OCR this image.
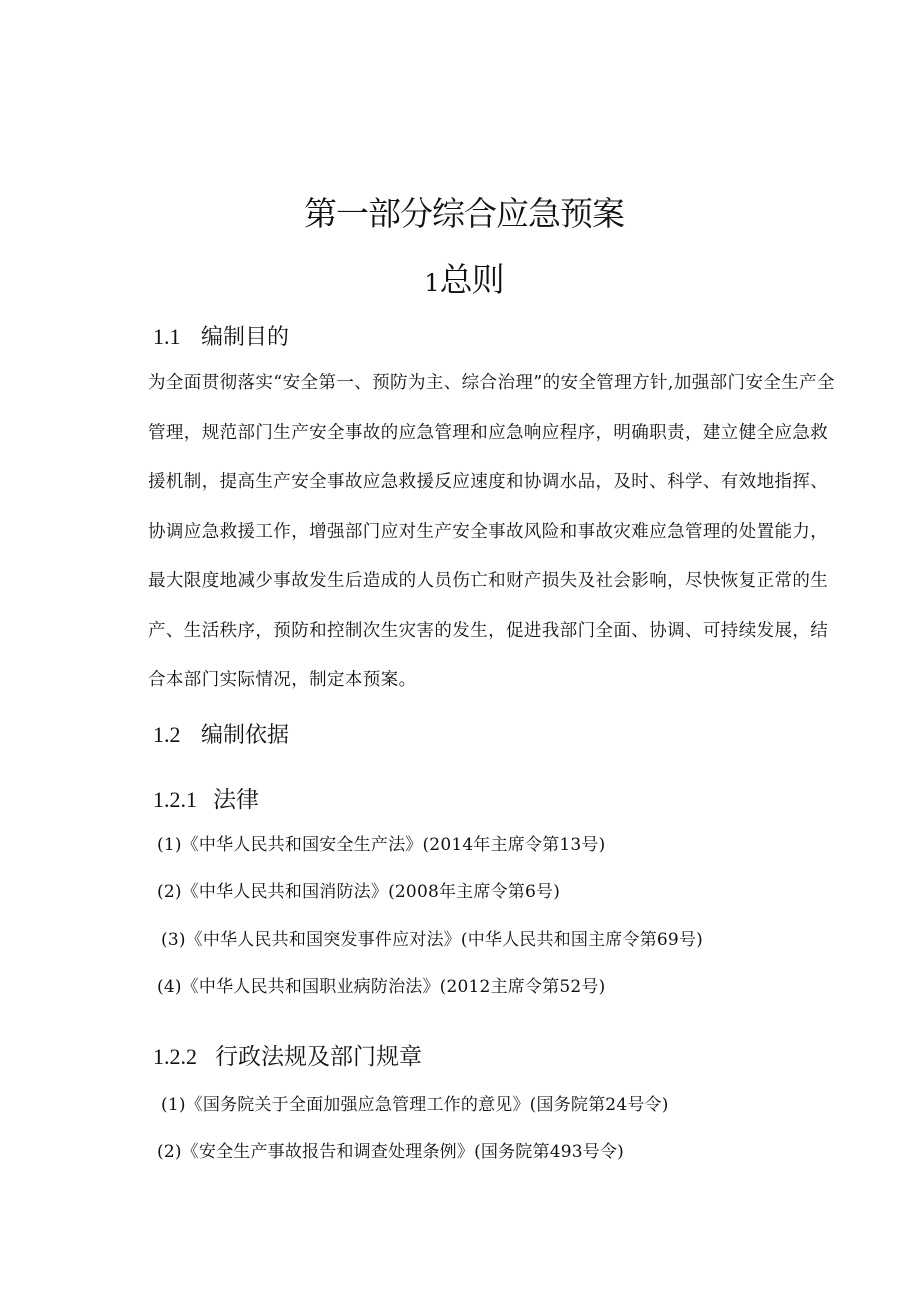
第一部分综合应急预案
1总则
1.1 编制目的

为全面贯彻落实“安全第一、预防为主、综合治理”的安全管理方针,加强部门安全生产全管理，规范部门生产安全事故的应急管理和应急响应程序，明确职责，建立健全应急救援机制，提高生产安全事故应急救援反应速度和协调水品，及时、科学、有效地指挥、协调应急救援工作，增强部门应对生产安全事故风险和事故灾难应急管理的处置能力，最大限度地减少事故发生后造成的人员伤亡和财产损失及社会影响，尽快恢复正常的生产、生活秩序，预防和控制次生灾害的发生，促进我部门全面、协调、可持续发展，结合本部门实际情况，制定本预案。

1.2 编制依据
1.2.1 法律
(1)《中华人民共和国安全生产法》(2014年主席令第13号)
(2)《中华人民共和国消防法》(2008年主席令第6号)
(3)《中华人民共和国突发事件应对法》(中华人民共和国主席令第69号)
(4)《中华人民共和国职业病防治法》(2012主席令第52号)
1.2.2 行政法规及部门规章
(1)《国务院关于全面加强应急管理工作的意见》(国务院第24号令)
(2)《安全生产事故报告和调查处理条例》(国务院第493号令)
